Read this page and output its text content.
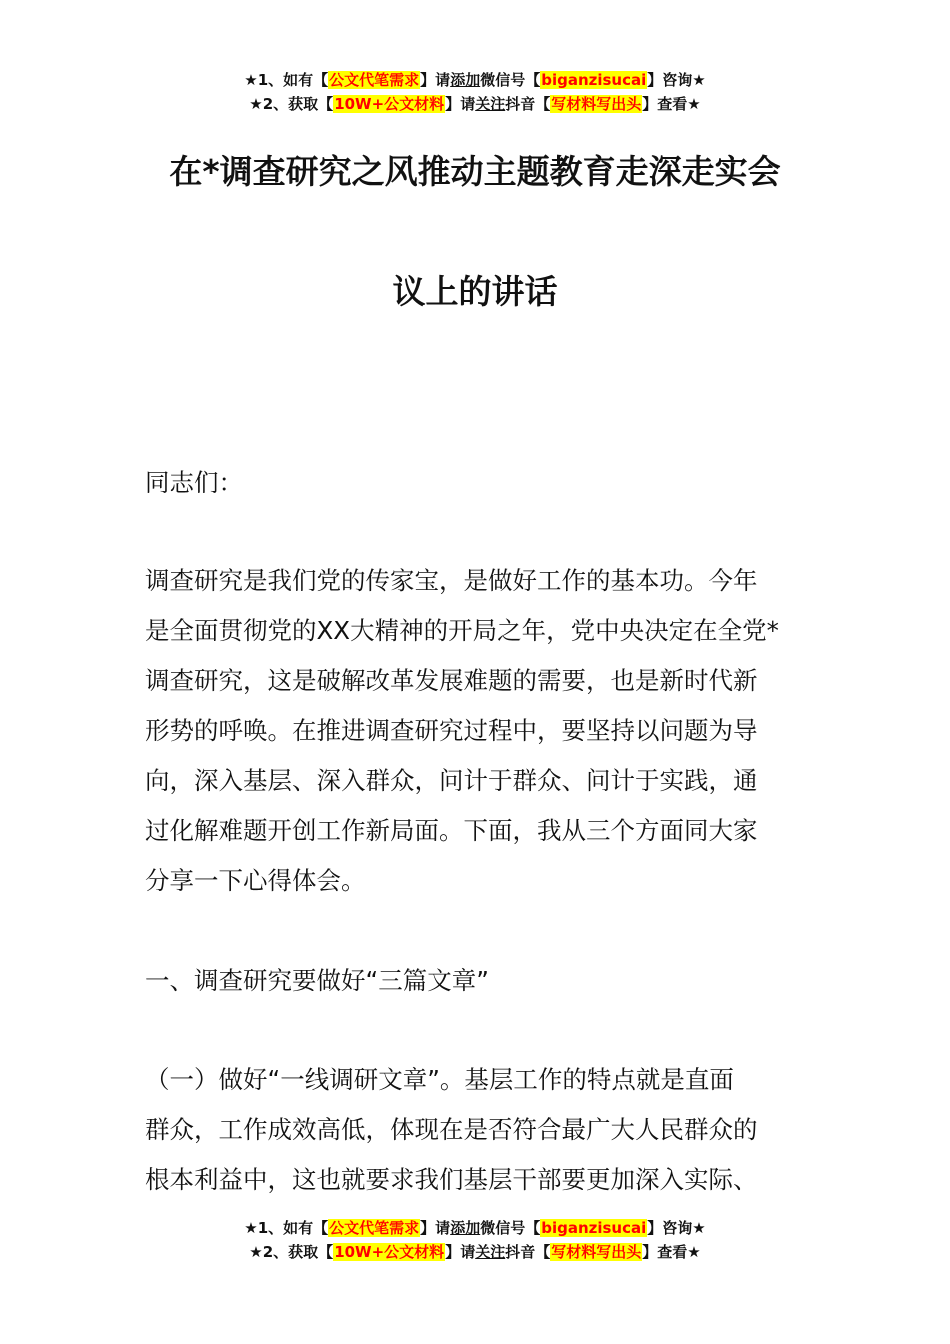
★1、如有【公文代笔需求】请添加微信号【biganzisucai】咨询★
★2、获取【10W+公文材料】请关注抖音【写材料写出头】查看★
在*调查研究之风推动主题教育走深走实会
议上的讲话
同志们：
调查研究是我们党的传家宝，是做好工作的基本功。今年
是全面贯彻党的XX大精神的开局之年，党中央决定在全党*
调查研究，这是破解改革发展难题的需要，也是新时代新
形势的呼唤。在推进调查研究过程中，要坚持以问题为导
向，深入基层、深入群众，问计于群众、问计于实践，通
过化解难题开创工作新局面。下面，我从三个方面同大家
分享一下心得体会。
一、调查研究要做好“三篇文章”
（一）做好“一线调研文章”。基层工作的特点就是直面
群众，工作成效高低，体现在是否符合最广大人民群众的
根本利益中，这也就要求我们基层干部要更加深入实际、
★1、如有【公文代笔需求】请添加微信号【biganzisucai】咨询★
★2、获取【10W+公文材料】请关注抖音【写材料写出头】查看★
